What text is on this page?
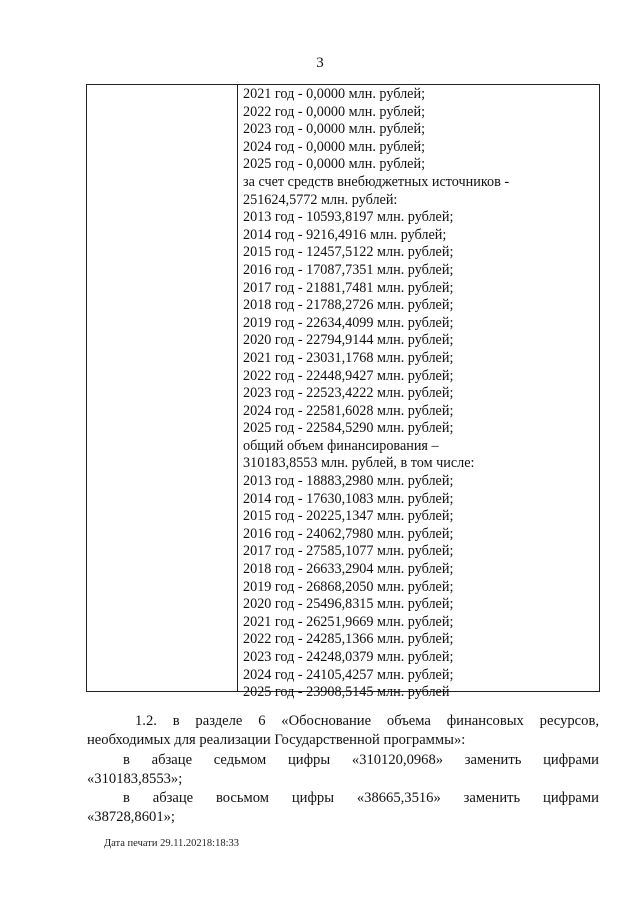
3
2021 год - 0,0000 млн. рублей;
2022 год - 0,0000 млн. рублей;
2023 год - 0,0000 млн. рублей;
2024 год - 0,0000 млн. рублей;
2025 год - 0,0000 млн. рублей;
за счет средств внебюджетных источников -
251624,5772 млн. рублей:
2013 год - 10593,8197 млн. рублей;
2014 год - 9216,4916 млн. рублей;
2015 год - 12457,5122 млн. рублей;
2016 год - 17087,7351 млн. рублей;
2017 год - 21881,7481 млн. рублей;
2018 год - 21788,2726 млн. рублей;
2019 год - 22634,4099 млн. рублей;
2020 год - 22794,9144 млн. рублей;
2021 год - 23031,1768 млн. рублей;
2022 год - 22448,9427 млн. рублей;
2023 год - 22523,4222 млн. рублей;
2024 год - 22581,6028 млн. рублей;
2025 год - 22584,5290 млн. рублей;
общий объем финансирования –
310183,8553 млн. рублей, в том числе:
2013 год - 18883,2980 млн. рублей;
2014 год - 17630,1083 млн. рублей;
2015 год - 20225,1347 млн. рублей;
2016 год - 24062,7980 млн. рублей;
2017 год - 27585,1077 млн. рублей;
2018 год - 26633,2904 млн. рублей;
2019 год - 26868,2050 млн. рублей;
2020 год - 25496,8315 млн. рублей;
2021 год - 26251,9669 млн. рублей;
2022 год - 24285,1366 млн. рублей;
2023 год - 24248,0379 млн. рублей;
2024 год - 24105,4257 млн. рублей;
2025 год - 23908,5145 млн. рублей
1.2. в разделе 6 «Обоснование объема финансовых ресурсов,
необходимых для реализации Государственной программы»:
в абзаце седьмом цифры «310120,0968» заменить цифрами
«310183,8553»;
в абзаце восьмом цифры «38665,3516» заменить цифрами
«38728,8601»;
Дата печати 29.11.20218:18:33
